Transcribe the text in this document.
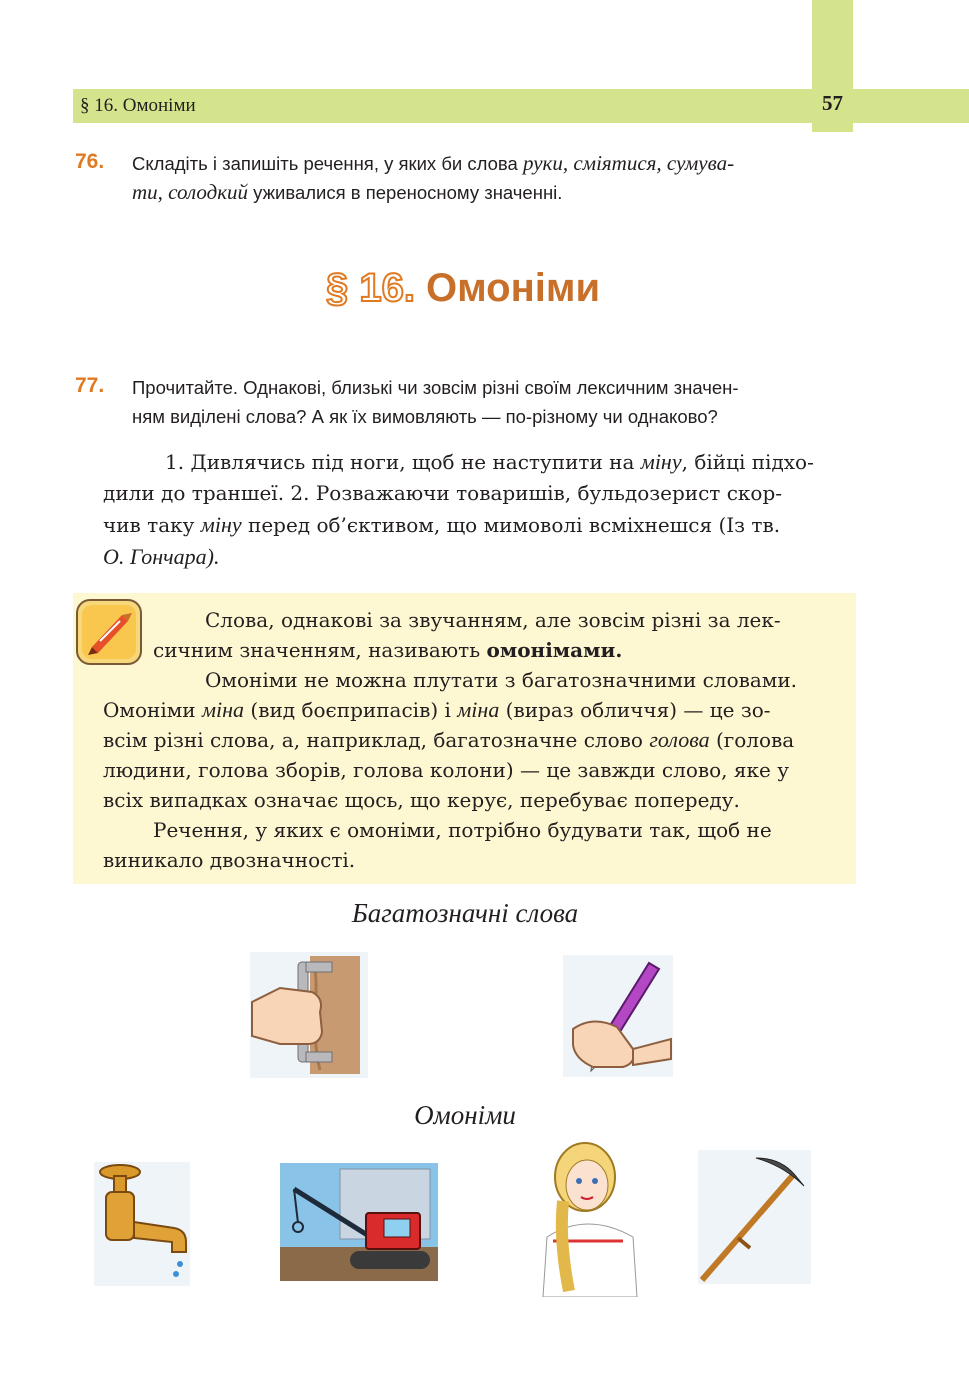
§ 16. Омоніми	57
76. Складіть і запишіть речення, у яких би слова руки, сміятися, сумува-
ти, солодкий уживалися в переносному значенні.
§ 16. Омоніми
77. Прочитайте. Однакові, близькі чи зовсім різні своїм лексичним значен-
ням виділені слова? А як їх вимовляють — по-різному чи однаково?
1. Дивлячись під ноги, щоб не наступити на міну, бійці підхо-
дили до траншеї. 2. Розважаючи товаришів, бульдозерист скор-
чив таку міну перед об’єктивом, що мимоволі всміхнешся (Із тв.
О. Гончара).
Слова, однакові за звучанням, але зовсім різні за лек-
сичним значенням, називають омонімами.
Омоніми не можна плутати з багатозначними словами.
Омоніми міна (вид боєприпасів) і міна (вираз обличчя) — це зо-
всім різні слова, а, наприклад, багатозначне слово голова (голова
людини, голова зборів, голова колони) — це завжди слово, яке у
всіх випадках означає щось, що керує, перебуває попереду.
Речення, у яких є омоніми, потрібно будувати так, щоб не
виникало двозначності.
Багатозначні слова
Омоніми
